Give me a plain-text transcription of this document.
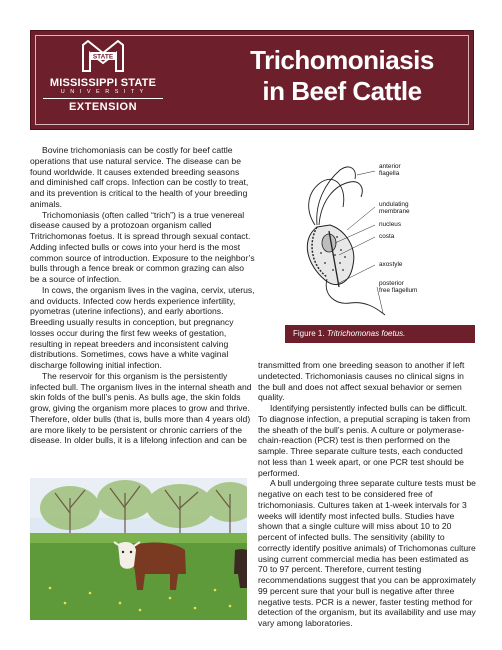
STATE
MISSISSIPPI STATE
U N I V E R S I T Y
EXTENSION
Trichomoniasis
in Beef Cattle

Bovine trichomoniasis can be costly for beef cattle operations that use natural service. The disease can be found worldwide. It causes extended breeding seasons and diminished calf crops. Infection can be costly to treat, and its prevention is critical to the health of your breeding animals.

Trichomoniasis (often called “trich”) is a true venereal disease caused by a protozoan organism called Tritrichomonas foetus. It is spread through sexual contact. Adding infected bulls or cows into your herd is the most common source of introduction. Exposure to the neighbor’s bulls through a fence break or common grazing can also be a source of infection.

In cows, the organism lives in the vagina, cervix, uterus, and oviducts. Infected cow herds experience infertility, pyometras (uterine infections), and early abortions. Breeding usually results in conception, but pregnancy losses occur during the first few weeks of gestation, resulting in repeat breeders and inconsistent calving distributions. Sometimes, cows have a white vaginal discharge following initial infection.

The reservoir for this organism is the persistently infected bull. The organism lives in the internal sheath and skin folds of the bull’s penis. As bulls age, the skin folds grow, giving the organism more places to grow and thrive. Therefore, older bulls (that is, bulls more than 4 years old) are more likely to be persistent or chronic carriers of the disease. In older bulls, it is a lifelong infection and can be

anterior
flagella
undulating
membrane
nucleus
costa
axostyle
posterior
free flagellum
Figure 1. Tritrichomonas foetus.

transmitted from one breeding season to another if left undetected. Trichomoniasis causes no clinical signs in the bull and does not affect sexual behavior or semen quality.

Identifying persistently infected bulls can be difficult. To diagnose infection, a preputial scraping is taken from the sheath of the bull’s penis. A culture or polymerase-chain-reaction (PCR) test is then performed on the sample. Three separate culture tests, each conducted not less than 1 week apart, or one PCR test should be performed.

A bull undergoing three separate culture tests must be negative on each test to be considered free of trichomoniasis. Cultures taken at 1-week intervals for 3 weeks will identify most infected bulls. Studies have shown that a single culture will miss about 10 to 20 percent of infected bulls. The sensitivity (ability to correctly identify positive animals) of Trichomonas culture using current commercial media has been estimated as 70 to 97 percent. Therefore, current testing recommendations suggest that you can be approximately 99 percent sure that your bull is negative after three negative tests. PCR is a newer, faster testing method for detection of the organism, but its availability and use may vary among laboratories.
